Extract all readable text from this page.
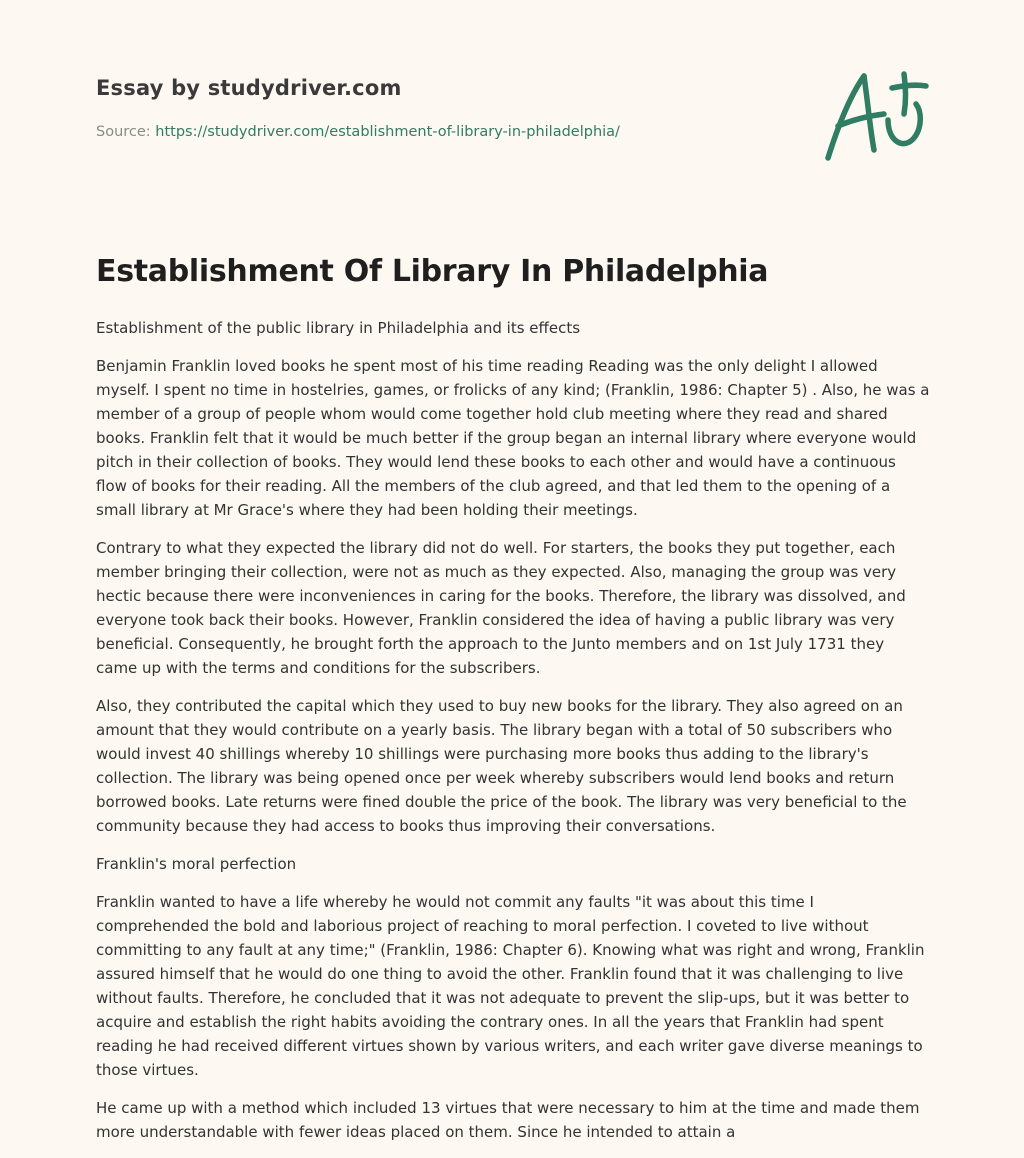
Essay by studydriver.com
Source: https://studydriver.com/establishment-of-library-in-philadelphia/
Establishment Of Library In Philadelphia

Establishment of the public library in Philadelphia and its effects

Benjamin Franklin loved books he spent most of his time reading Reading was the only delight I allowed myself. I spent no time in hostelries, games, or frolicks of any kind; (Franklin, 1986: Chapter 5) . Also, he was a member of a group of people whom would come together hold club meeting where they read and shared books. Franklin felt that it would be much better if the group began an internal library where everyone would pitch in their collection of books. They would lend these books to each other and would have a continuous flow of books for their reading. All the members of the club agreed, and that led them to the opening of a small library at Mr Grace's where they had been holding their meetings.

Contrary to what they expected the library did not do well. For starters, the books they put together, each member bringing their collection, were not as much as they expected. Also, managing the group was very hectic because there were inconveniences in caring for the books. Therefore, the library was dissolved, and everyone took back their books. However, Franklin considered the idea of having a public library was very beneficial. Consequently, he brought forth the approach to the Junto members and on 1st July 1731 they came up with the terms and conditions for the subscribers.

Also, they contributed the capital which they used to buy new books for the library. They also agreed on an amount that they would contribute on a yearly basis. The library began with a total of 50 subscribers who would invest 40 shillings whereby 10 shillings were purchasing more books thus adding to the library's collection. The library was being opened once per week whereby subscribers would lend books and return borrowed books. Late returns were fined double the price of the book. The library was very beneficial to the community because they had access to books thus improving their conversations.

Franklin's moral perfection

Franklin wanted to have a life whereby he would not commit any faults "it was about this time I comprehended the bold and laborious project of reaching to moral perfection. I coveted to live without committing to any fault at any time;" (Franklin, 1986: Chapter 6). Knowing what was right and wrong, Franklin assured himself that he would do one thing to avoid the other. Franklin found that it was challenging to live without faults. Therefore, he concluded that it was not adequate to prevent the slip-ups, but it was better to acquire and establish the right habits avoiding the contrary ones. In all the years that Franklin had spent reading he had received different virtues shown by various writers, and each writer gave diverse meanings to those virtues.

He came up with a method which included 13 virtues that were necessary to him at the time and made them more understandable with fewer ideas placed on them. Since he intended to attain a
